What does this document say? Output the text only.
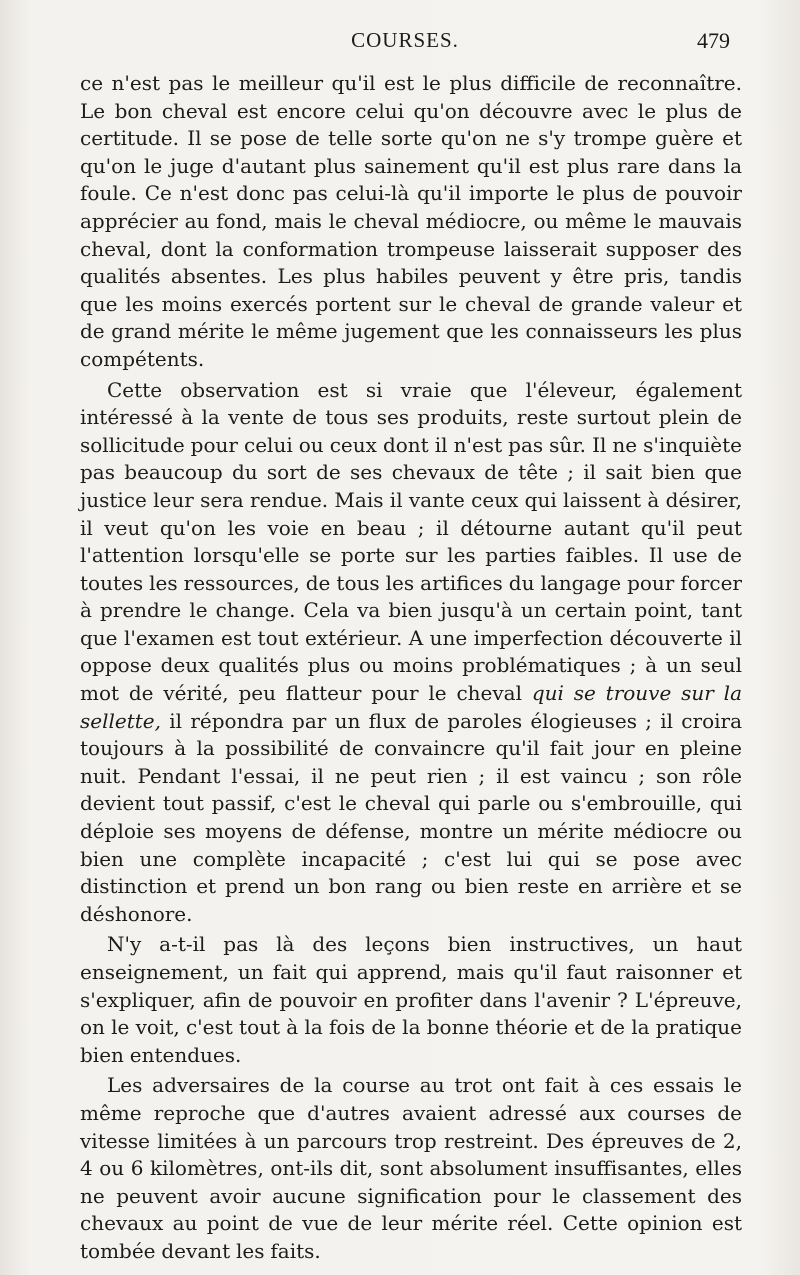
COURSES.	479

ce n'est pas le meilleur qu'il est le plus difficile de reconnaître. Le bon cheval est encore celui qu'on découvre avec le plus de certitude. Il se pose de telle sorte qu'on ne s'y trompe guère et qu'on le juge d'autant plus sainement qu'il est plus rare dans la foule. Ce n'est donc pas celui-là qu'il importe le plus de pouvoir apprécier au fond, mais le cheval médiocre, ou même le mauvais cheval, dont la conformation trompeuse laisserait supposer des qualités absentes. Les plus habiles peuvent y être pris, tandis que les moins exercés portent sur le cheval de grande valeur et de grand mérite le même jugement que les connaisseurs les plus compétents.

Cette observation est si vraie que l'éleveur, également intéressé à la vente de tous ses produits, reste surtout plein de sollicitude pour celui ou ceux dont il n'est pas sûr. Il ne s'inquiète pas beaucoup du sort de ses chevaux de tête ; il sait bien que justice leur sera rendue. Mais il vante ceux qui laissent à désirer, il veut qu'on les voie en beau ; il détourne autant qu'il peut l'attention lorsqu'elle se porte sur les parties faibles. Il use de toutes les ressources, de tous les artifices du langage pour forcer à prendre le change. Cela va bien jusqu'à un certain point, tant que l'examen est tout extérieur. A une imperfection découverte il oppose deux qualités plus ou moins problématiques ; à un seul mot de vérité, peu flatteur pour le cheval qui se trouve sur la sellette, il répondra par un flux de paroles élogieuses ; il croira toujours à la possibilité de convaincre qu'il fait jour en pleine nuit. Pendant l'essai, il ne peut rien ; il est vaincu ; son rôle devient tout passif, c'est le cheval qui parle ou s'embrouille, qui déploie ses moyens de défense, montre un mérite médiocre ou bien une complète incapacité ; c'est lui qui se pose avec distinction et prend un bon rang ou bien reste en arrière et se déshonore.

N'y a-t-il pas là des leçons bien instructives, un haut enseignement, un fait qui apprend, mais qu'il faut raisonner et s'expliquer, afin de pouvoir en profiter dans l'avenir ? L'épreuve, on le voit, c'est tout à la fois de la bonne théorie et de la pratique bien entendues.

Les adversaires de la course au trot ont fait à ces essais le même reproche que d'autres avaient adressé aux courses de vitesse limitées à un parcours trop restreint. Des épreuves de 2, 4 ou 6 kilomètres, ont-ils dit, sont absolument insuffisantes, elles ne peuvent avoir aucune signification pour le classement des chevaux au point de vue de leur mérite réel. Cette opinion est tombée devant les faits.
